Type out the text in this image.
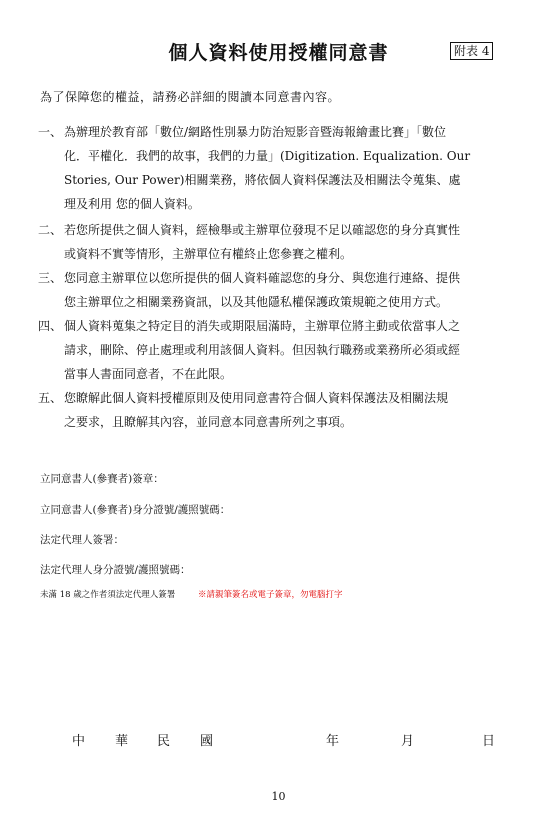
個人資料使用授權同意書	附表 4
為了保障您的權益，請務必詳細的閱讀本同意書內容。
一、 為辦理於教育部「數位/網路性別暴力防治短影音暨海報繪畫比賽」「數位
化．平權化．我們的故事，我們的力量」(Digitization. Equalization. Our
Stories, Our Power)相關業務，將依個人資料保護法及相關法令蒐集、處
理及利用 您的個人資料。
二、 若您所提供之個人資料，經檢舉或主辦單位發現不足以確認您的身分真實性
或資料不實等情形，主辦單位有權終止您參賽之權利。
三、 您同意主辦單位以您所提供的個人資料確認您的身分、與您進行連絡、提供
您主辦單位之相關業務資訊，以及其他隱私權保護政策規範之使用方式。
四、 個人資料蒐集之特定目的消失或期限屆滿時，主辦單位將主動或依當事人之
請求，刪除、停止處理或利用該個人資料。但因執行職務或業務所必須或經
當事人書面同意者，不在此限。
五、 您瞭解此個人資料授權原則及使用同意書符合個人資料保護法及相關法規
之要求，且瞭解其內容，並同意本同意書所列之事項。
立同意書人(參賽者)簽章：
立同意書人(參賽者)身分證號/護照號碼：
法定代理人簽署：
法定代理人身分證號/護照號碼：
未滿 18 歲之作者須法定代理人簽署	※請親筆簽名或電子簽章，勿電腦打字
中 華 民 國	年	月	日
10
